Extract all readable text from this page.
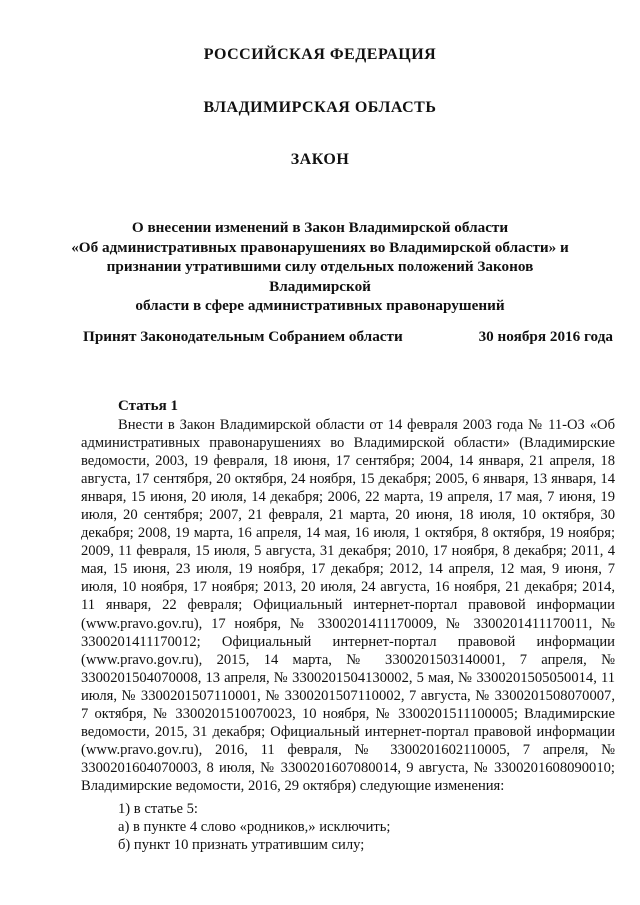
РОССИЙСКАЯ ФЕДЕРАЦИЯ
ВЛАДИМИРСКАЯ ОБЛАСТЬ
ЗАКОН
О внесении изменений в Закон Владимирской области
«Об административных правонарушениях во Владимирской области» и
признании утратившими силу отдельных положений Законов Владимирской
области в сфере административных правонарушений
Принят Законодательным Собранием области	30 ноября 2016 года
Статья 1
Внести в Закон Владимирской области от 14 февраля 2003 года № 11-ОЗ «Об административных правонарушениях во Владимирской области» (Владимирские ведомости, 2003, 19 февраля, 18 июня, 17 сентября; 2004, 14 января, 21 апреля, 18 августа, 17 сентября, 20 октября, 24 ноября, 15 декабря; 2005, 6 января, 13 января, 14 января, 15 июня, 20 июля, 14 декабря; 2006, 22 марта, 19 апреля, 17 мая, 7 июня, 19 июля, 20 сентября; 2007, 21 февраля, 21 марта, 20 июня, 18 июля, 10 октября, 30 декабря; 2008, 19 марта, 16 апреля, 14 мая, 16 июля, 1 октября, 8 октября, 19 ноября; 2009, 11 февраля, 15 июля, 5 августа, 31 декабря; 2010, 17 ноября, 8 декабря; 2011, 4 мая, 15 июня, 23 июля, 19 ноября, 17 декабря; 2012, 14 апреля, 12 мая, 9 июня, 7 июля, 10 ноября, 17 ноября; 2013, 20 июля, 24 августа, 16 ноября, 21 декабря; 2014, 11 января, 22 февраля; Официальный интернет-портал правовой информации (www.pravo.gov.ru), 17 ноября, № 3300201411170009, № 3300201411170011, № 3300201411170012; Официальный интернет-портал правовой информации (www.pravo.gov.ru), 2015, 14 марта, № 3300201503140001, 7 апреля, № 3300201504070008, 13 апреля, № 3300201504130002, 5 мая, № 3300201505050014, 11 июля, № 3300201507110001, № 3300201507110002, 7 августа, № 3300201508070007, 7 октября, № 3300201510070023, 10 ноября, № 3300201511100005; Владимирские ведомости, 2015, 31 декабря; Официальный интернет-портал правовой информации (www.pravo.gov.ru), 2016, 11 февраля, № 3300201602110005, 7 апреля, № 3300201604070003, 8 июля, № 3300201607080014, 9 августа, № 3300201608090010; Владимирские ведомости, 2016, 29 октября) следующие изменения:
1) в статье 5:
а) в пункте 4 слово «родников,» исключить;
б) пункт 10 признать утратившим силу;
